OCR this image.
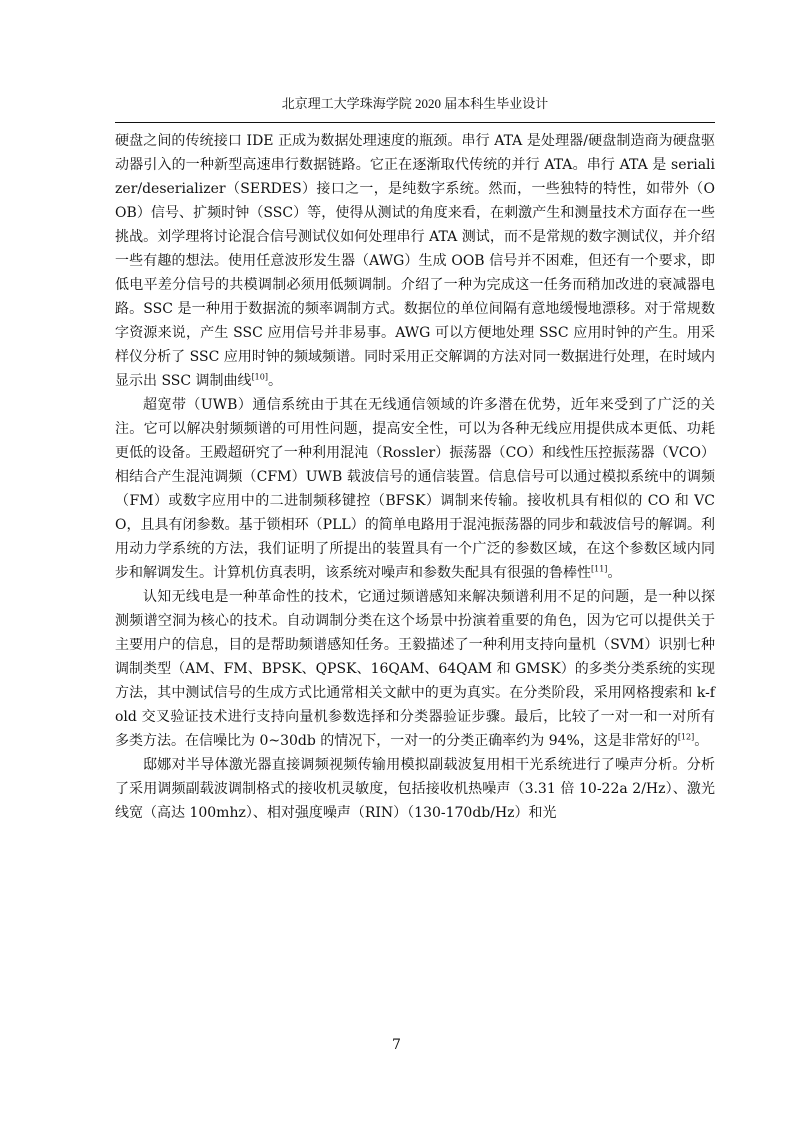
北京理工大学珠海学院 2020 届本科生毕业设计

硬盘之间的传统接口 IDE 正成为数据处理速度的瓶颈。串行 ATA 是处理器/硬盘制造商为硬盘驱动器引入的一种新型高速串行数据链路。它正在逐渐取代传统的并行 ATA。串行 ATA 是 serializer/deserializer（SERDES）接口之一，是纯数字系统。然而，一些独特的特性，如带外（OOB）信号、扩频时钟（SSC）等，使得从测试的角度来看，在刺激产生和测量技术方面存在一些挑战。刘学理将讨论混合信号测试仪如何处理串行 ATA 测试，而不是常规的数字测试仪，并介绍一些有趣的想法。使用任意波形发生器（AWG）生成 OOB 信号并不困难，但还有一个要求，即低电平差分信号的共模调制必须用低频调制。介绍了一种为完成这一任务而稍加改进的衰减器电路。SSC 是一种用于数据流的频率调制方式。数据位的单位间隔有意地缓慢地漂移。对于常规数字资源来说，产生 SSC 应用信号并非易事。AWG 可以方便地处理 SSC 应用时钟的产生。用采样仪分析了 SSC 应用时钟的频域频谱。同时采用正交解调的方法对同一数据进行处理，在时域内显示出 SSC 调制曲线[10]。

超宽带（UWB）通信系统由于其在无线通信领域的许多潜在优势，近年来受到了广泛的关注。它可以解决射频频谱的可用性问题，提高安全性，可以为各种无线应用提供成本更低、功耗更低的设备。王殿超研究了一种利用混沌（Rossler）振荡器（CO）和线性压控振荡器（VCO）相结合产生混沌调频（CFM）UWB 载波信号的通信装置。信息信号可以通过模拟系统中的调频（FM）或数字应用中的二进制频移键控（BFSK）调制来传输。接收机具有相似的 CO 和 VCO，且具有闭参数。基于锁相环（PLL）的简单电路用于混沌振荡器的同步和载波信号的解调。利用动力学系统的方法，我们证明了所提出的装置具有一个广泛的参数区域，在这个参数区域内同步和解调发生。计算机仿真表明，该系统对噪声和参数失配具有很强的鲁棒性[11]。

认知无线电是一种革命性的技术，它通过频谱感知来解决频谱利用不足的问题，是一种以探测频谱空洞为核心的技术。自动调制分类在这个场景中扮演着重要的角色，因为它可以提供关于主要用户的信息，目的是帮助频谱感知任务。王毅描述了一种利用支持向量机（SVM）识别七种调制类型（AM、FM、BPSK、QPSK、16QAM、64QAM 和 GMSK）的多类分类系统的实现方法，其中测试信号的生成方式比通常相关文献中的更为真实。在分类阶段，采用网格搜索和 k-fold 交叉验证技术进行支持向量机参数选择和分类器验证步骤。最后，比较了一对一和一对所有多类方法。在信噪比为 0~30db 的情况下，一对一的分类正确率约为 94%，这是非常好的[12]。

邸娜对半导体激光器直接调频视频传输用模拟副载波复用相干光系统进行了噪声分析。分析了采用调频副载波调制格式的接收机灵敏度，包括接收机热噪声（3.31 倍 10-22a 2/Hz）、激光线宽（高达 100mhz）、相对强度噪声（RIN）（130-170db/Hz）和光

7
